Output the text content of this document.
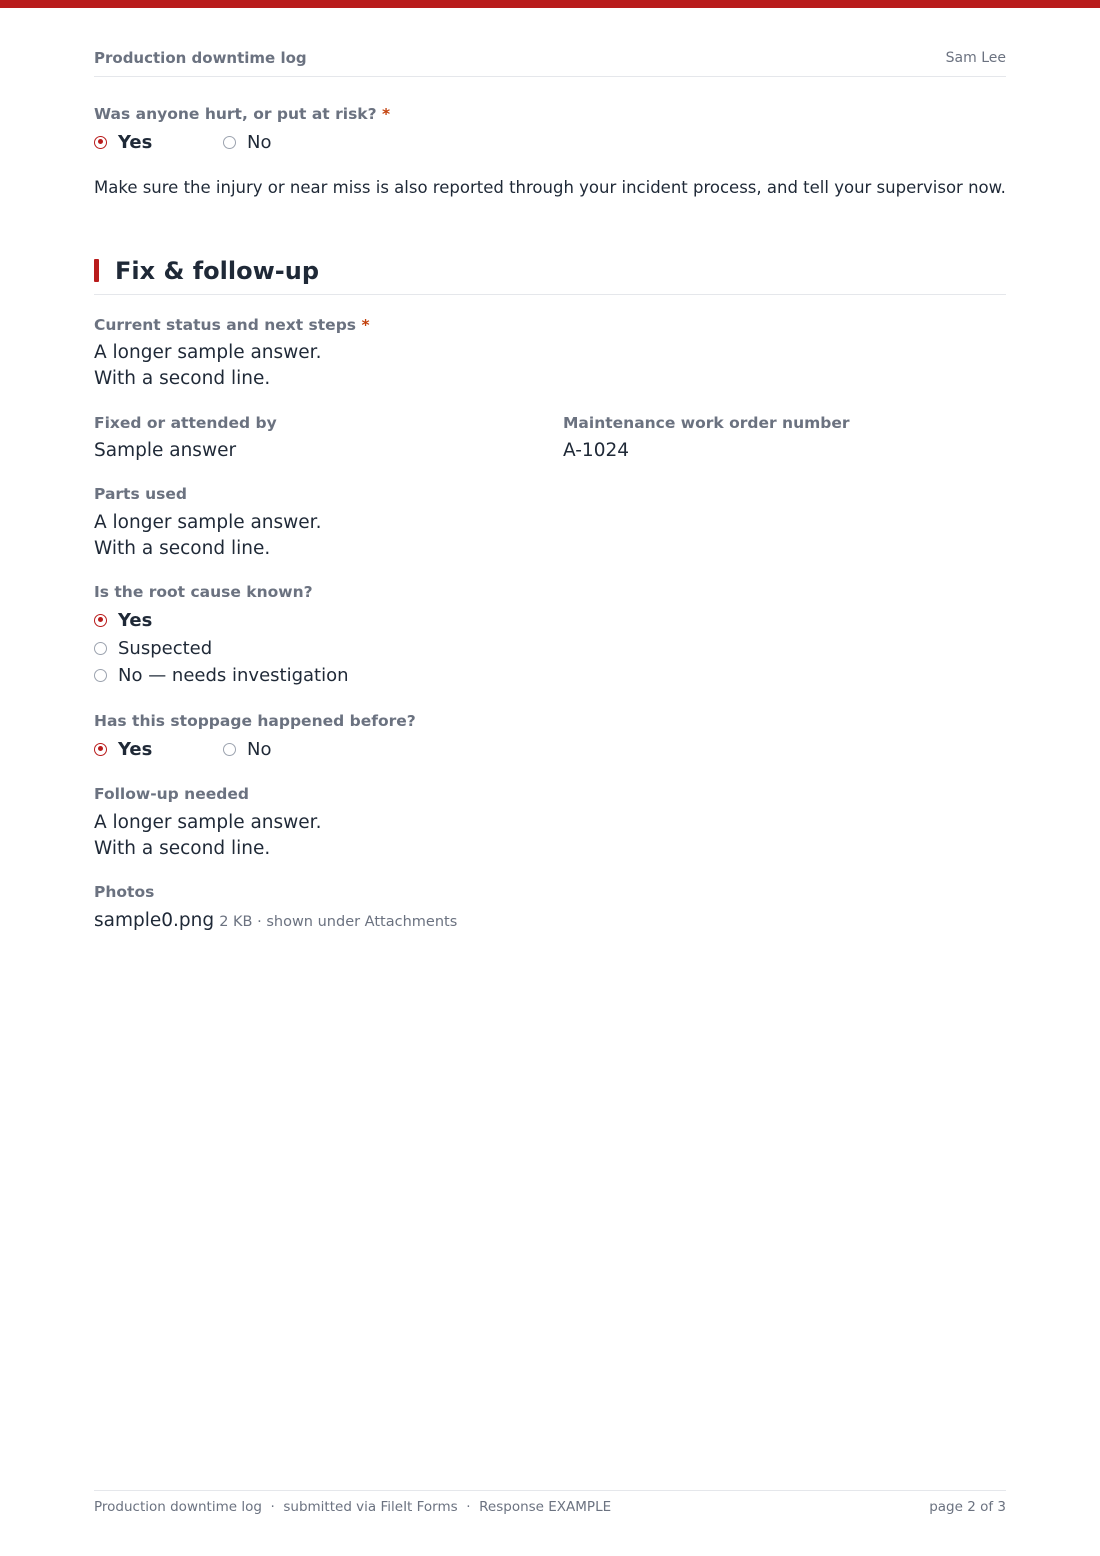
Production downtime log	Sam Lee
Was anyone hurt, or put at risk? *
Yes	No
Make sure the injury or near miss is also reported through your incident process, and tell your supervisor now.
Fix & follow-up
Current status and next steps *
A longer sample answer.
With a second line.
Fixed or attended by
Sample answer
Maintenance work order number
A-1024
Parts used
A longer sample answer.
With a second line.
Is the root cause known?
Yes
Suspected
No — needs investigation
Has this stoppage happened before?
Yes	No
Follow-up needed
A longer sample answer.
With a second line.
Photos
sample0.png 2 KB · shown under Attachments
Production downtime log  ·  submitted via FileIt Forms  ·  Response EXAMPLE	page 2 of 3
